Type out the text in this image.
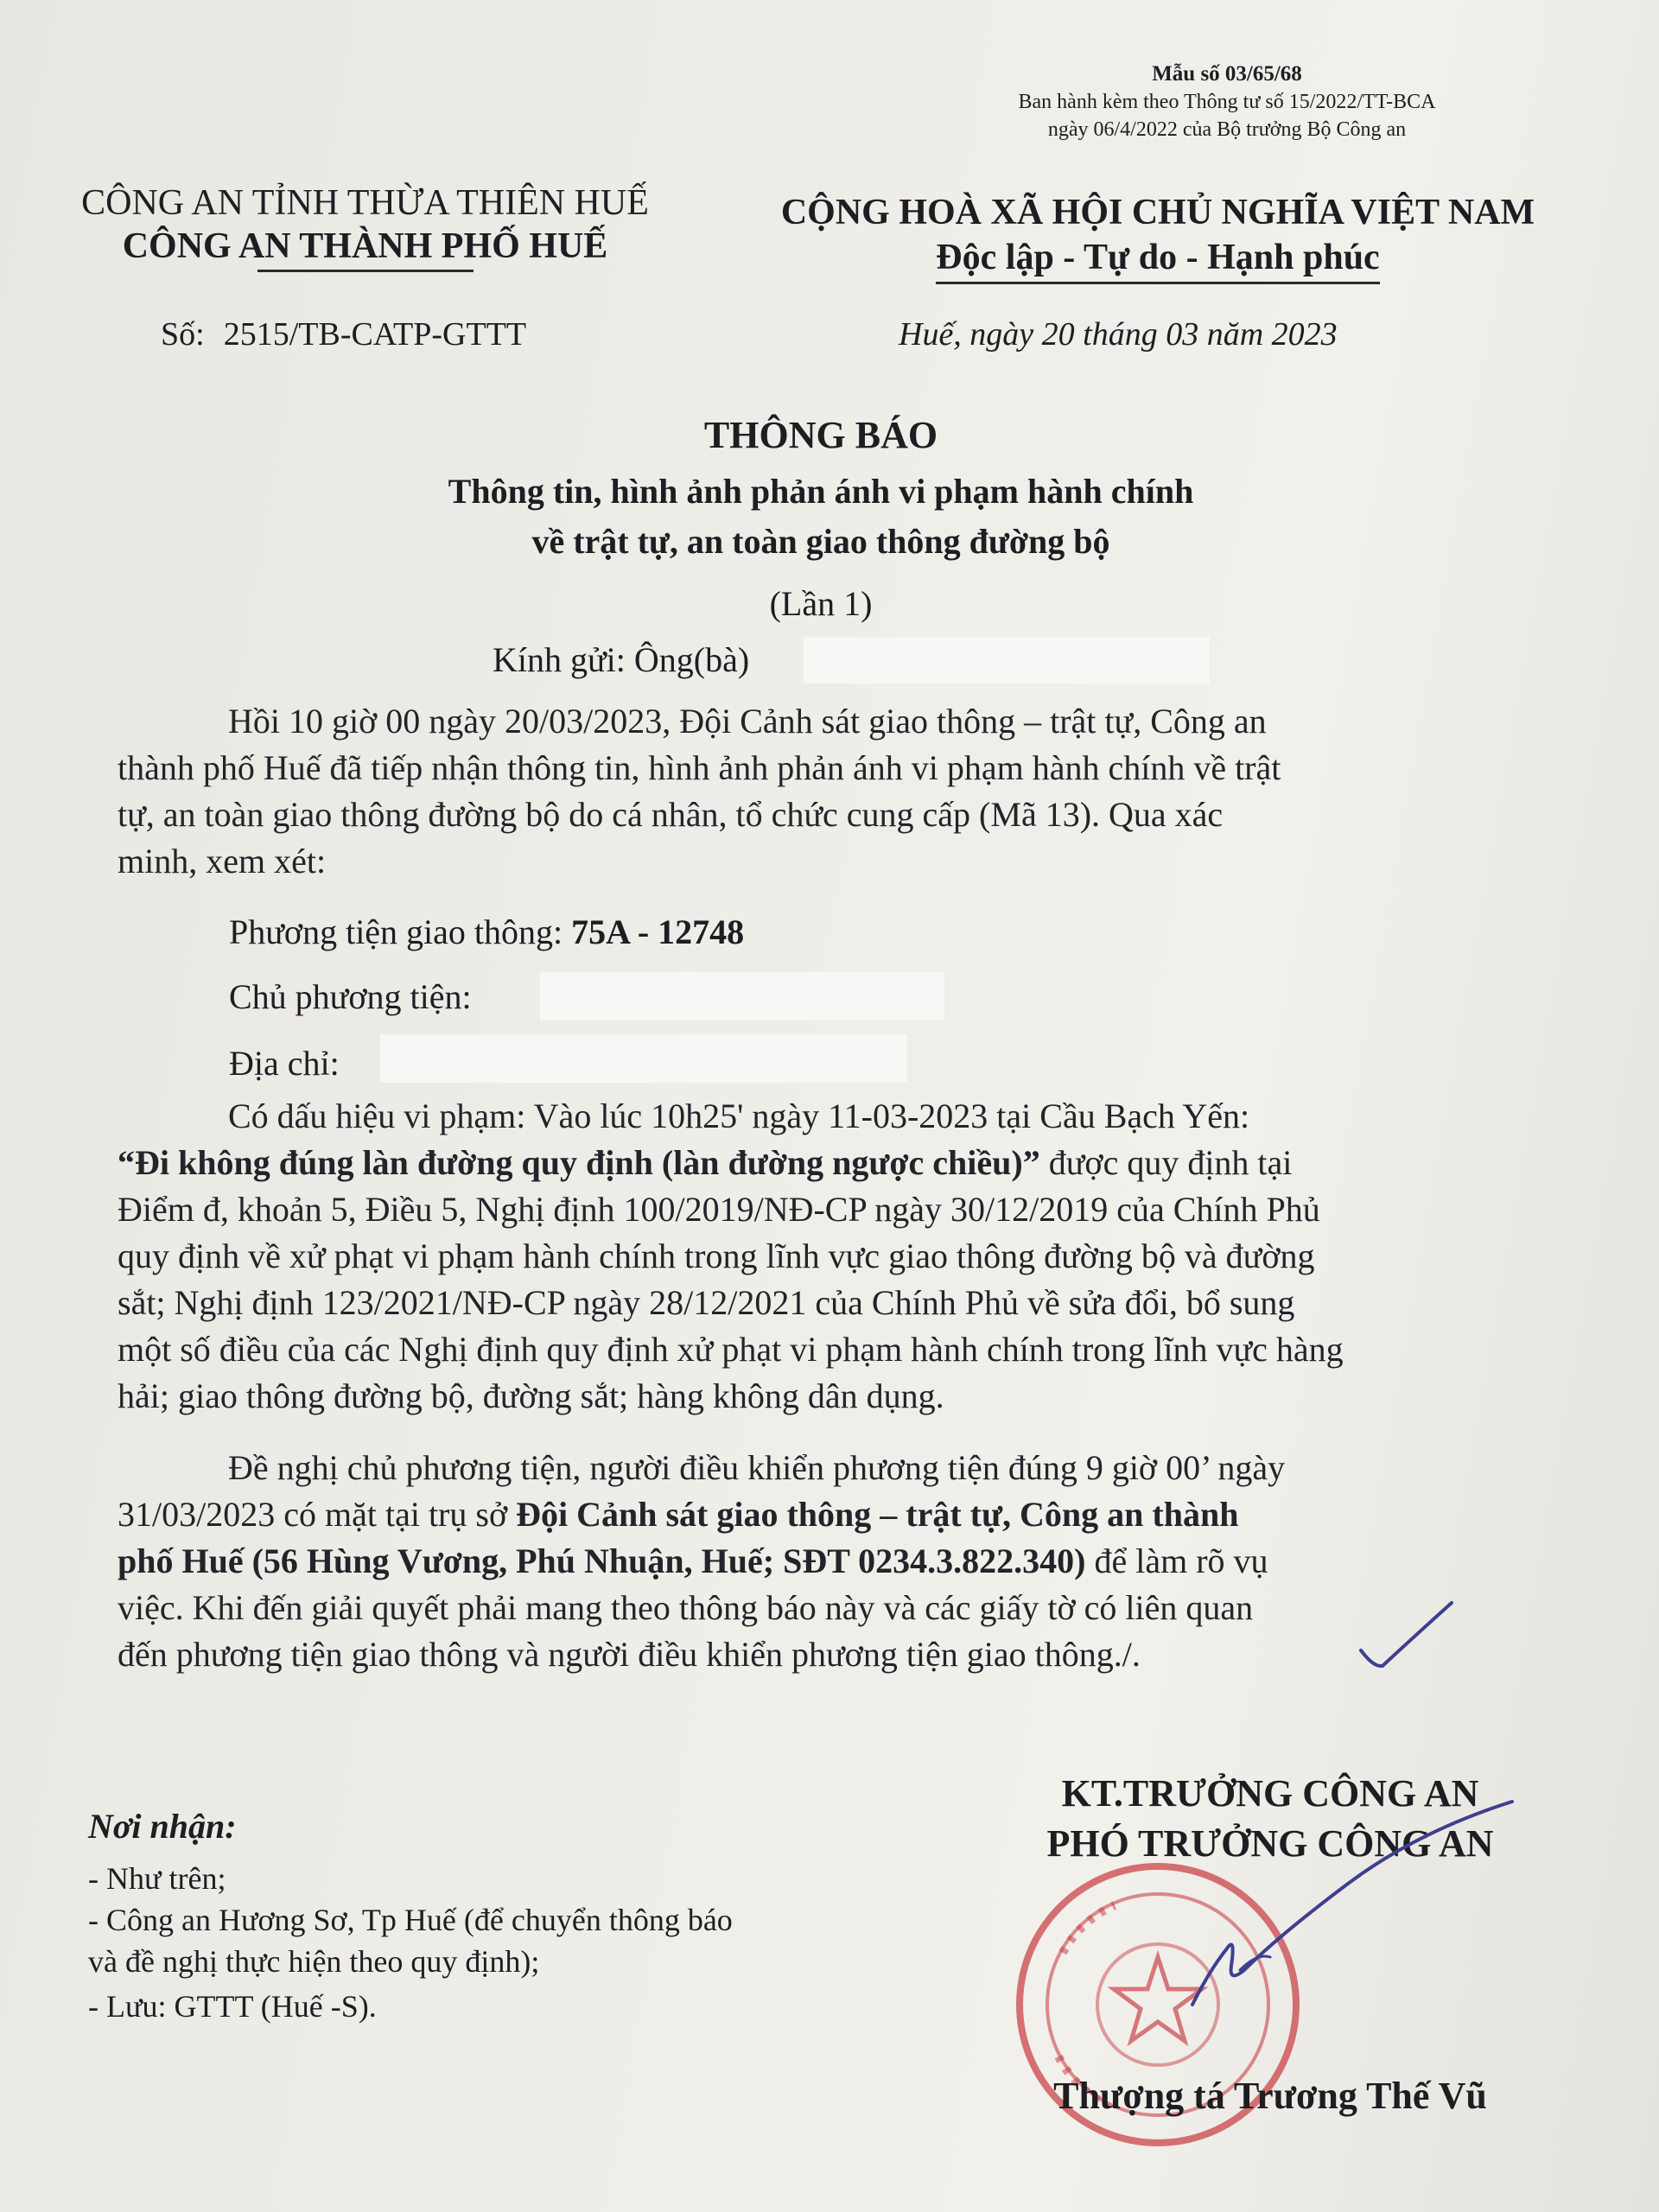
Mẫu số 03/65/68
Ban hành kèm theo Thông tư số 15/2022/TT-BCA
ngày 06/4/2022 của Bộ trưởng Bộ Công an
CÔNG AN TỈNH THỪA THIÊN HUẾ
CÔNG AN THÀNH PHỐ HUẾ
CỘNG HOÀ XÃ HỘI CHỦ NGHĨA VIỆT NAM
Độc lập - Tự do - Hạnh phúc
Số: 2515/TB-CATP-GTTT	Huế, ngày 20 tháng 03 năm 2023
THÔNG BÁO
Thông tin, hình ảnh phản ánh vi phạm hành chính
về trật tự, an toàn giao thông đường bộ
(Lần 1)
Kính gửi: Ông(bà)
Hồi 10 giờ 00 ngày 20/03/2023, Đội Cảnh sát giao thông – trật tự, Công an
thành phố Huế đã tiếp nhận thông tin, hình ảnh phản ánh vi phạm hành chính về trật
tự, an toàn giao thông đường bộ do cá nhân, tổ chức cung cấp (Mã 13). Qua xác
minh, xem xét:
Phương tiện giao thông: 75A - 12748
Chủ phương tiện:
Địa chỉ:
Có dấu hiệu vi phạm: Vào lúc 10h25' ngày 11-03-2023 tại Cầu Bạch Yến:
“Đi không đúng làn đường quy định (làn đường ngược chiều)” được quy định tại
Điểm đ, khoản 5, Điều 5, Nghị định 100/2019/NĐ-CP ngày 30/12/2019 của Chính Phủ
quy định về xử phạt vi phạm hành chính trong lĩnh vực giao thông đường bộ và đường
sắt; Nghị định 123/2021/NĐ-CP ngày 28/12/2021 của Chính Phủ về sửa đổi, bổ sung
một số điều của các Nghị định quy định xử phạt vi phạm hành chính trong lĩnh vực hàng
hải; giao thông đường bộ, đường sắt; hàng không dân dụng.
Đề nghị chủ phương tiện, người điều khiển phương tiện đúng 9 giờ 00’ ngày
31/03/2023 có mặt tại trụ sở Đội Cảnh sát giao thông – trật tự, Công an thành
phố Huế (56 Hùng Vương, Phú Nhuận, Huế; SĐT 0234.3.822.340) để làm rõ vụ
việc. Khi đến giải quyết phải mang theo thông báo này và các giấy tờ có liên quan
đến phương tiện giao thông và người điều khiển phương tiện giao thông./.
Nơi nhận:
- Như trên;
- Công an Hương Sơ, Tp Huế (để chuyển thông báo
và đề nghị thực hiện theo quy định);
- Lưu: GTTT (Huế -S).
KT.TRƯỞNG CÔNG AN
PHÓ TRƯỞNG CÔNG AN
Thượng tá Trương Thế Vũ
